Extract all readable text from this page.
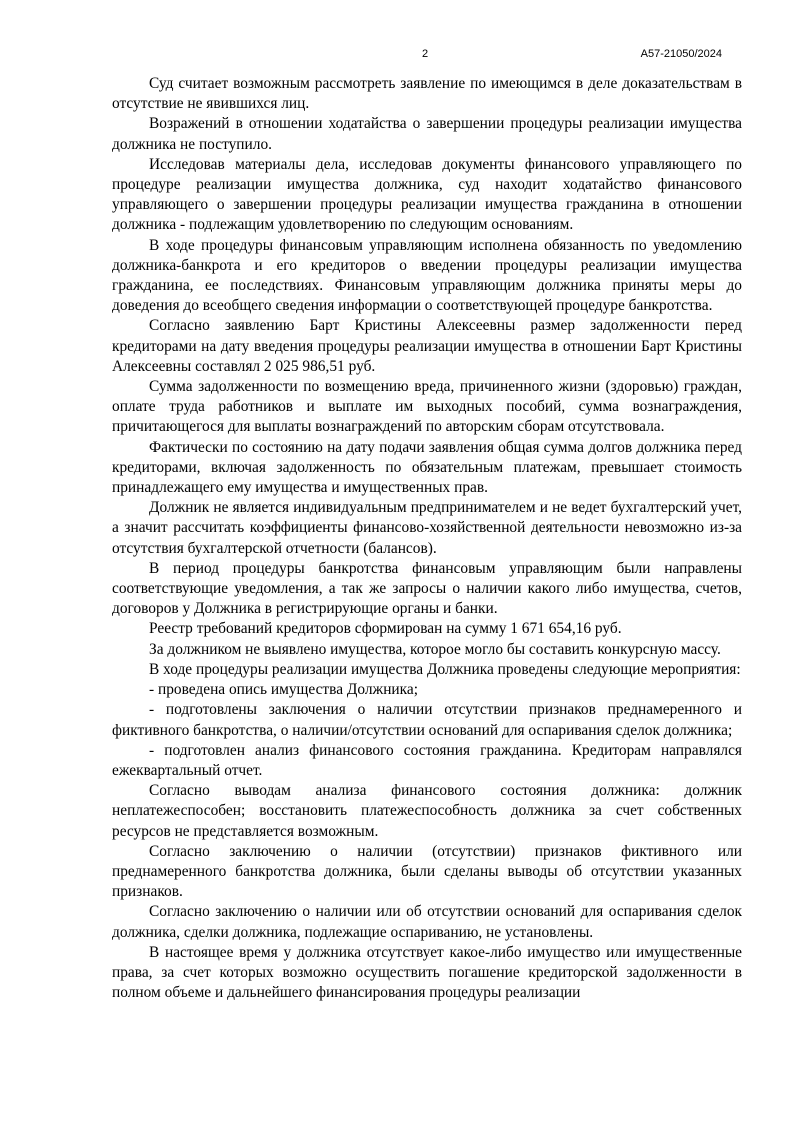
2	А57-21050/2024

Суд считает возможным рассмотреть заявление по имеющимся в деле доказательствам в отсутствие не явившихся лиц.

Возражений в отношении ходатайства о завершении процедуры реализации имущества должника не поступило.

Исследовав материалы дела, исследовав документы финансового управляющего по процедуре реализации имущества должника, суд находит ходатайство финансового управляющего о завершении процедуры реализации имущества гражданина в отношении должника - подлежащим удовлетворению по следующим основаниям.

В ходе процедуры финансовым управляющим исполнена обязанность по уведомлению должника-банкрота и его кредиторов о введении процедуры реализации имущества гражданина, ее последствиях. Финансовым управляющим должника приняты меры до доведения до всеобщего сведения информации о соответствующей процедуре банкротства.

Согласно заявлению Барт Кристины Алексеевны размер задолженности перед кредиторами на дату введения процедуры реализации имущества в отношении Барт Кристины Алексеевны составлял 2 025 986,51 руб.

Сумма задолженности по возмещению вреда, причиненного жизни (здоровью) граждан, оплате труда работников и выплате им выходных пособий, сумма вознаграждения, причитающегося для выплаты вознаграждений по авторским сборам отсутствовала.

Фактически по состоянию на дату подачи заявления общая сумма долгов должника перед кредиторами, включая задолженность по обязательным платежам, превышает стоимость принадлежащего ему имущества и имущественных прав.

Должник не является индивидуальным предпринимателем и не ведет бухгалтерский учет, а значит рассчитать коэффициенты финансово-хозяйственной деятельности невозможно из-за отсутствия бухгалтерской отчетности (балансов).

В период процедуры банкротства финансовым управляющим были направлены соответствующие уведомления, а так же запросы о наличии какого либо имущества, счетов, договоров у Должника в регистрирующие органы и банки.

Реестр требований кредиторов сформирован на сумму 1 671 654,16 руб.

За должником не выявлено имущества, которое могло бы составить конкурсную массу.

В ходе процедуры реализации имущества Должника проведены следующие мероприятия:

- проведена опись имущества Должника;

- подготовлены заключения о наличии отсутствии признаков преднамеренного и фиктивного банкротства, о наличии/отсутствии оснований для оспаривания сделок должника;

- подготовлен анализ финансового состояния гражданина. Кредиторам направлялся ежеквартальный отчет.

Согласно выводам анализа финансового состояния должника: должник неплатежеспособен; восстановить платежеспособность должника за счет собственных ресурсов не представляется возможным.

Согласно заключению о наличии (отсутствии) признаков фиктивного или преднамеренного банкротства должника, были сделаны выводы об отсутствии указанных признаков.

Согласно заключению о наличии или об отсутствии оснований для оспаривания сделок должника, сделки должника, подлежащие оспариванию, не установлены.

В настоящее время у должника отсутствует какое-либо имущество или имущественные права, за счет которых возможно осуществить погашение кредиторской задолженности в полном объеме и дальнейшего финансирования процедуры реализации
